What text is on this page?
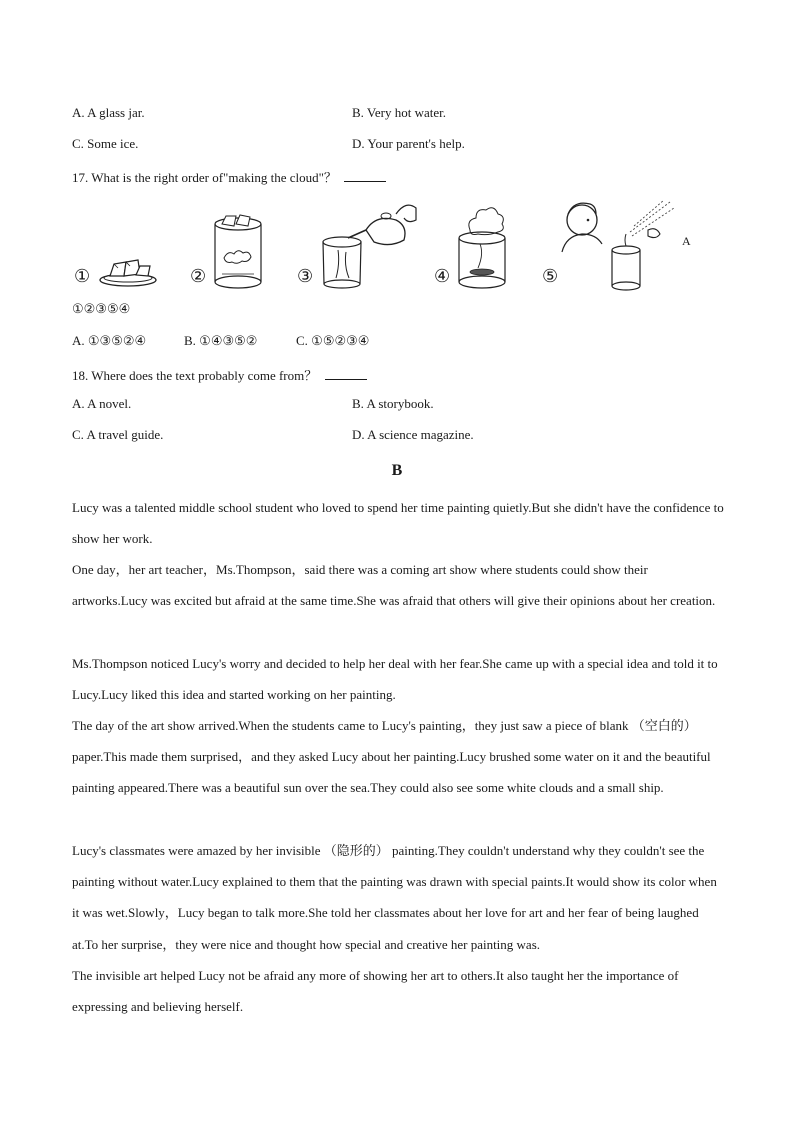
A. A glass jar.	B. Very hot water.
C. Some ice.	D. Your parent's help.
17. What is the right order of"making the cloud"？
①	②	③	④	⑤
A
①②③⑤④
A. ①③⑤②④	B. ①④③⑤②	C. ①⑤②③④
18. Where does the text probably come from？
A. A novel.	B. A storybook.
C. A travel guide.	D. A science magazine.
B
Lucy was a talented middle school student who loved to spend her time painting quietly.But she didn't have the confidence to show her work.
One day，her art teacher，Ms.Thompson，said there was a coming art show where students could show their artworks.Lucy was excited but afraid at the same time.She was afraid that others will give their opinions about her creation.
Ms.Thompson noticed Lucy's worry and decided to help her deal with her fear.She came up with a special idea and told it to Lucy.Lucy liked this idea and started working on her painting.
The day of the art show arrived.When the students came to Lucy's painting，they just saw a piece of blank （空白的） paper.This made them surprised，and they asked Lucy about her painting.Lucy brushed some water on it and the beautiful painting appeared.There was a beautiful sun over the sea.They could also see some white clouds and a small ship.
Lucy's classmates were amazed by her invisible （隐形的） painting.They couldn't understand why they couldn't see the painting without water.Lucy explained to them that the painting was drawn with special paints.It would show its color when it was wet.Slowly，Lucy began to talk more.She told her classmates about her love for art and her fear of being laughed at.To her surprise，they were nice and thought how special and creative her painting was.
The invisible art helped Lucy not be afraid any more of showing her art to others.It also taught her the importance of expressing and believing herself.
